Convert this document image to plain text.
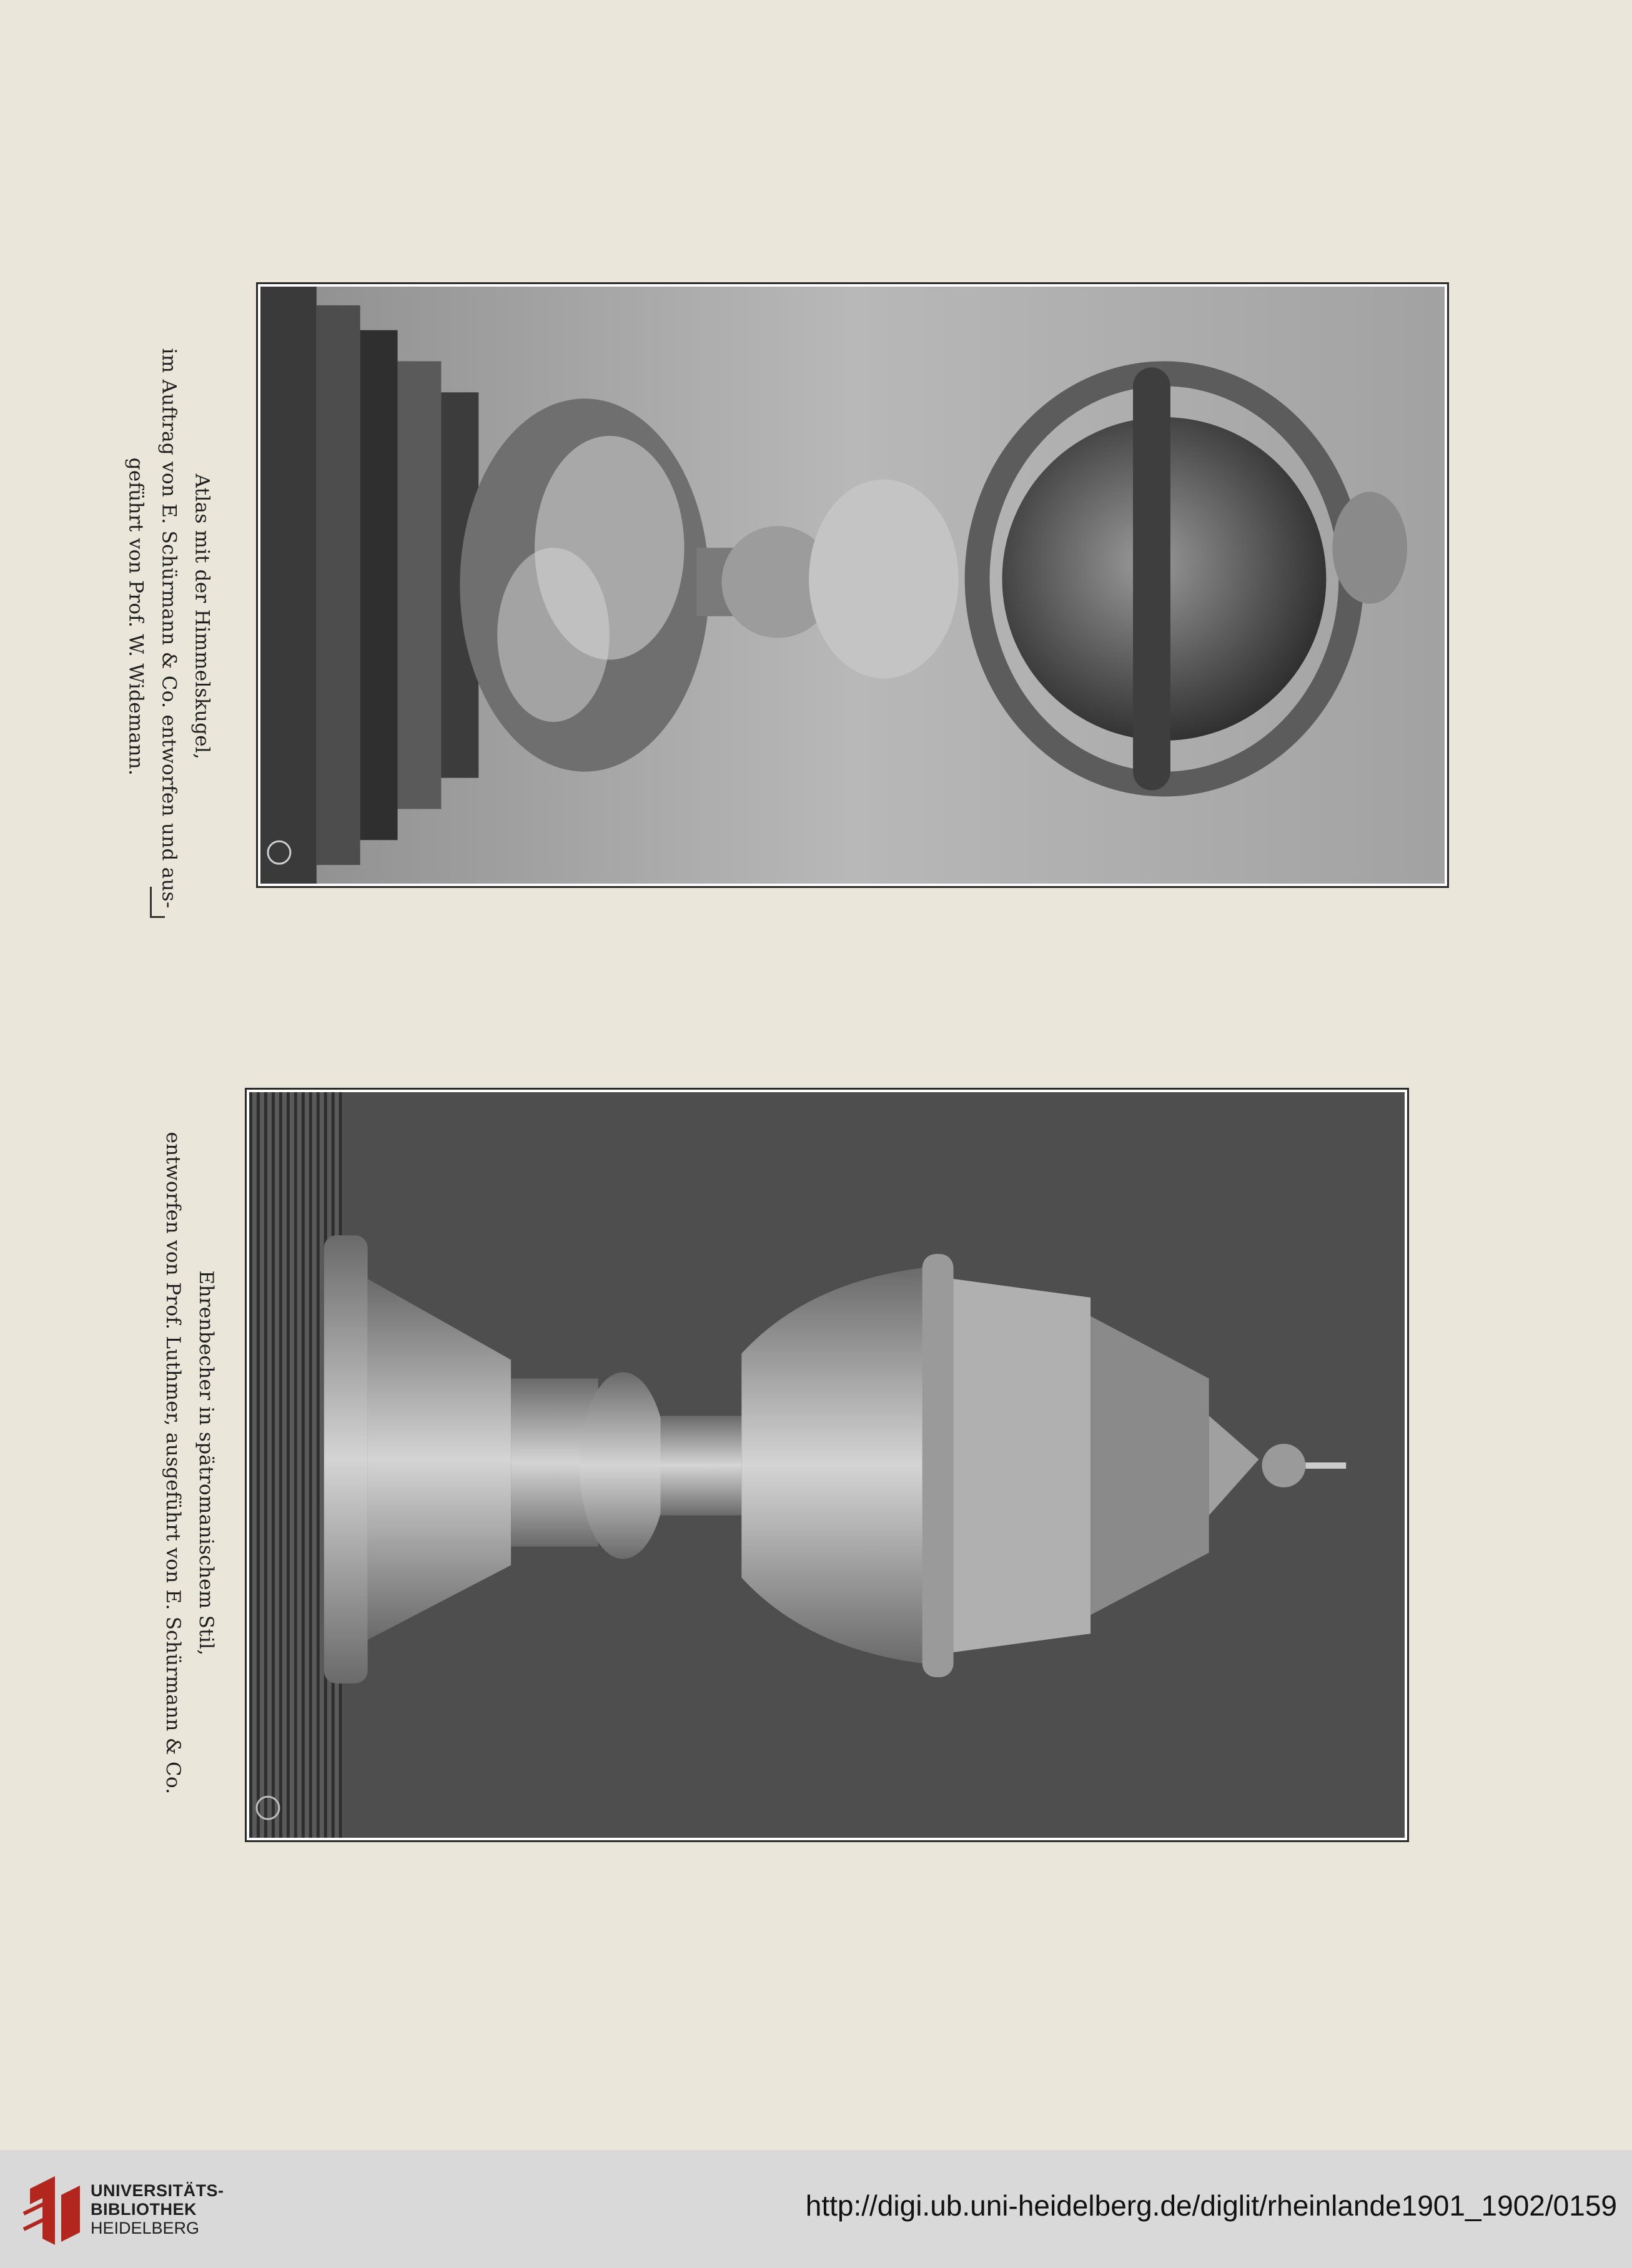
Atlas mit der Himmelskugel,
im Auftrag von E. Schürmann & Co. entworfen und aus-
geführt von Prof. W. Widemann.
Ehrenbecher in spätromanischem Stil,
entworfen von Prof. Luthmer, ausgeführt von E. Schürmann & Co.
UNIVERSITÄTS-
BIBLIOTHEK
HEIDELBERG
http://digi.ub.uni-heidelberg.de/diglit/rheinlande1901_1902/0159
